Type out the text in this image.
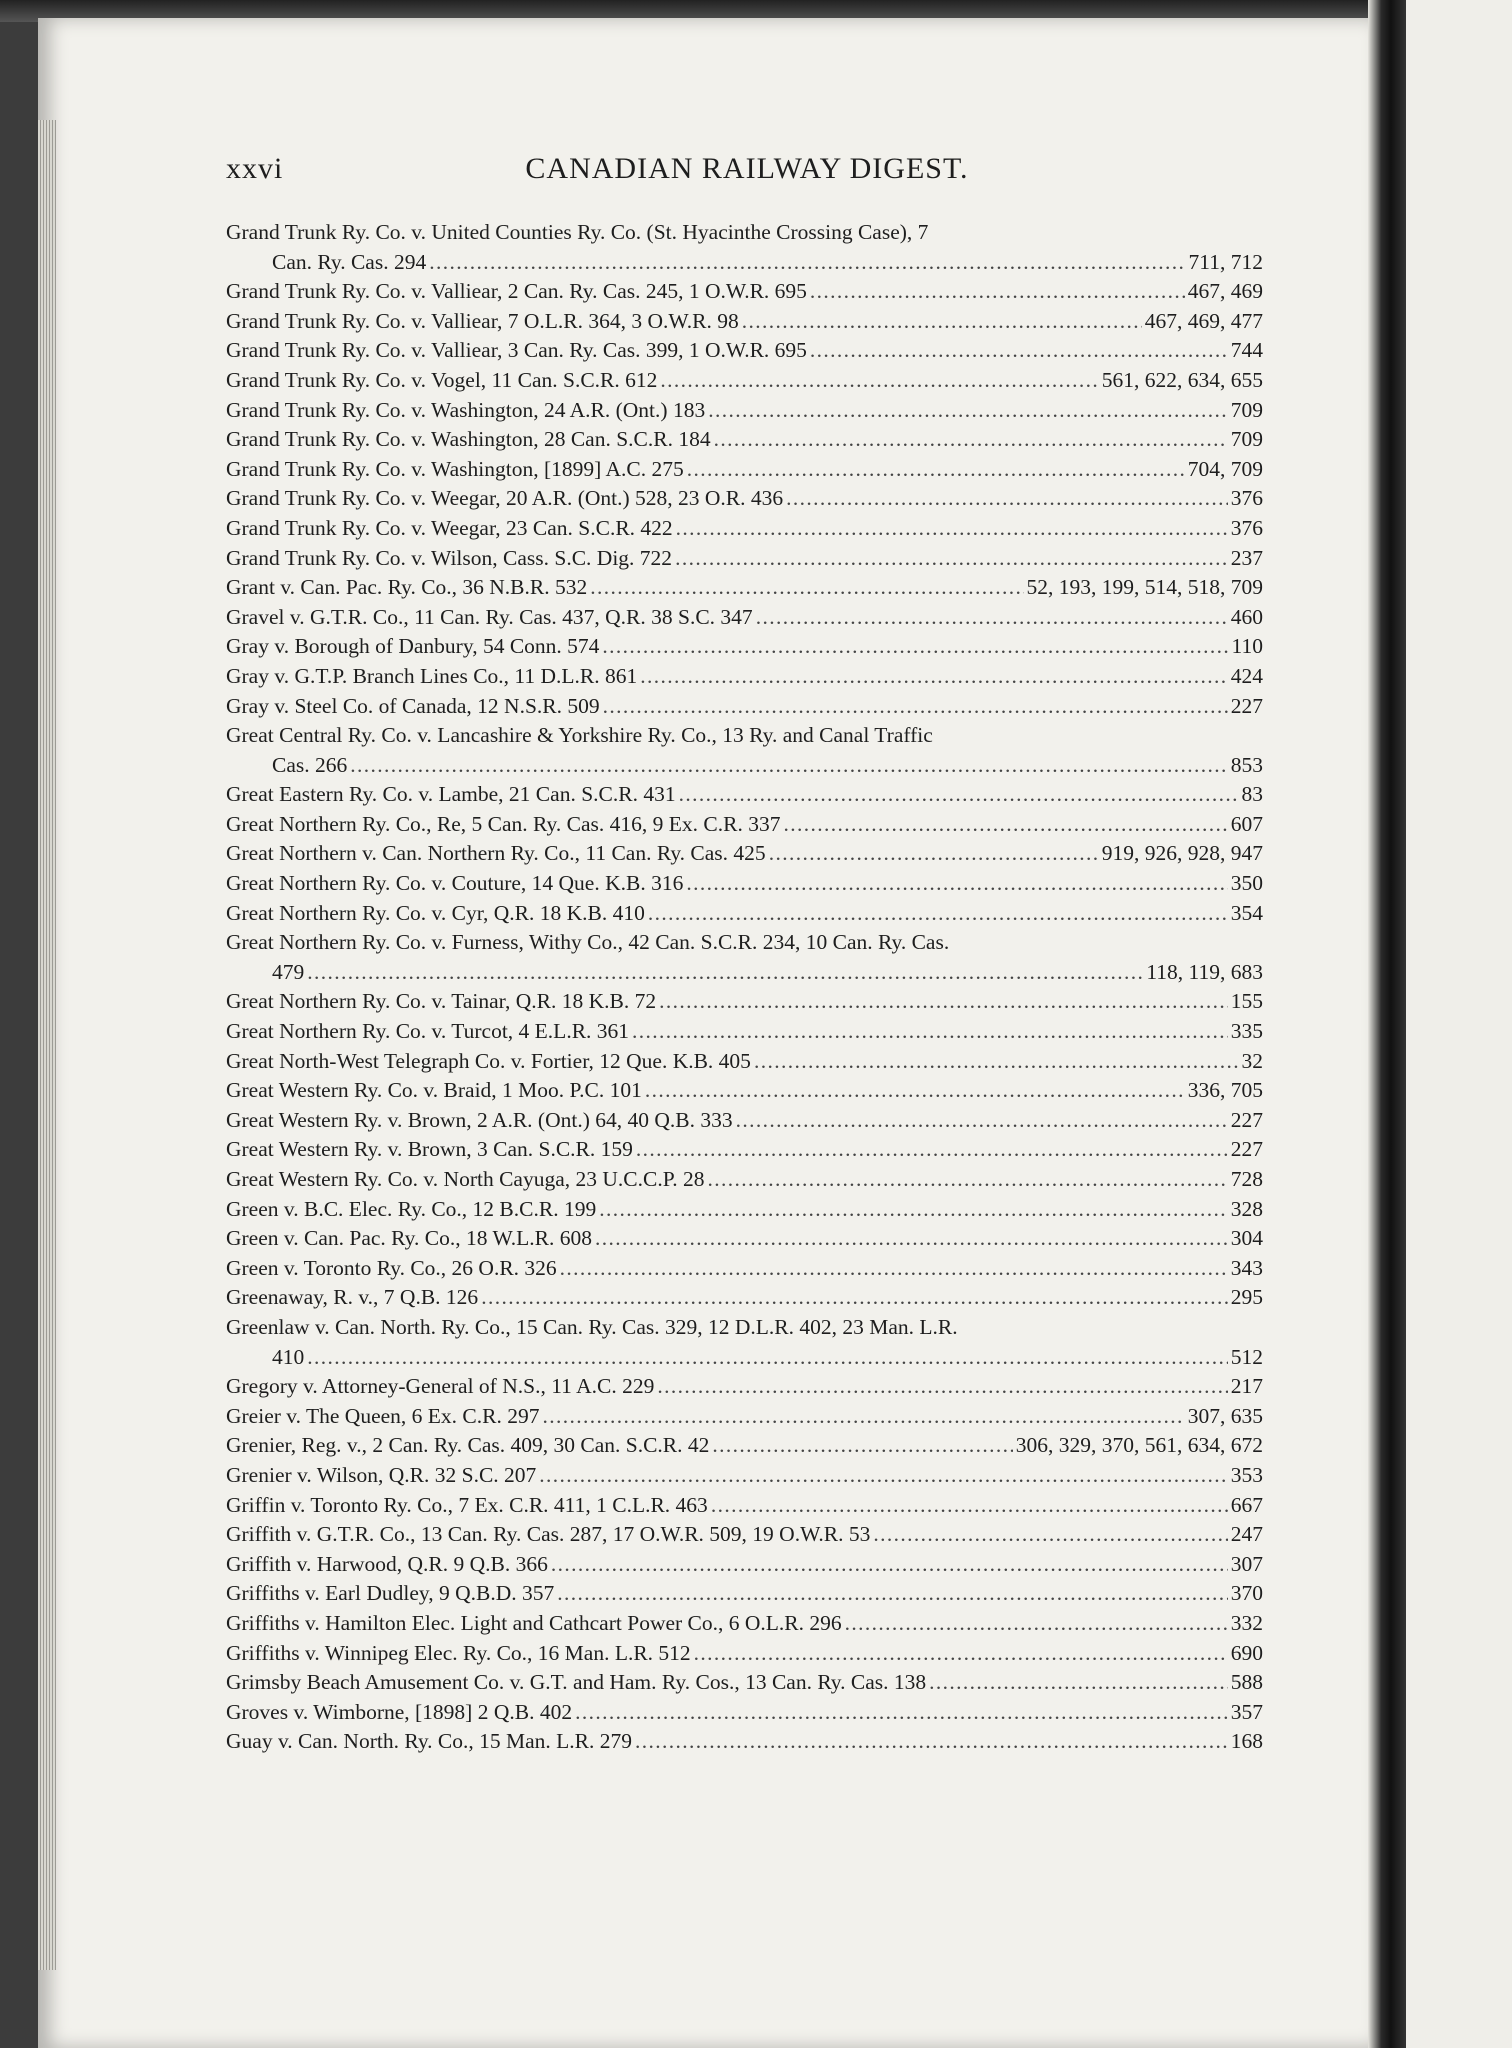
xxvi	CANADIAN RAILWAY DIGEST.
Grand Trunk Ry. Co. v. United Counties Ry. Co. (St. Hyacinthe Crossing Case), 7
Can. Ry. Cas. 294 . . .	711, 712
Grand Trunk Ry. Co. v. Valliear, 2 Can. Ry. Cas. 245, 1 O.W.R. 695 . . .	467, 469
Grand Trunk Ry. Co. v. Valliear, 7 O.L.R. 364, 3 O.W.R. 98 . . .	467, 469, 477
Grand Trunk Ry. Co. v. Valliear, 3 Can. Ry. Cas. 399, 1 O.W.R. 695 . . .	744
Grand Trunk Ry. Co. v. Vogel, 11 Can. S.C.R. 612 . . .	561, 622, 634, 655
Grand Trunk Ry. Co. v. Washington, 24 A.R. (Ont.) 183 . . .	709
Grand Trunk Ry. Co. v. Washington, 28 Can. S.C.R. 184 . . .	709
Grand Trunk Ry. Co. v. Washington, [1899] A.C. 275 . . .	704, 709
Grand Trunk Ry. Co. v. Weegar, 20 A.R. (Ont.) 528, 23 O.R. 436 . . .	376
Grand Trunk Ry. Co. v. Weegar, 23 Can. S.C.R. 422 . . .	376
Grand Trunk Ry. Co. v. Wilson, Cass. S.C. Dig. 722 . . .	237
Grant v. Can. Pac. Ry. Co., 36 N.B.R. 532 . . .	52, 193, 199, 514, 518, 709
Gravel v. G.T.R. Co., 11 Can. Ry. Cas. 437, Q.R. 38 S.C. 347 . . .	460
Gray v. Borough of Danbury, 54 Conn. 574 . . .	110
Gray v. G.T.P. Branch Lines Co., 11 D.L.R. 861 . . .	424
Gray v. Steel Co. of Canada, 12 N.S.R. 509 . . .	227
Great Central Ry. Co. v. Lancashire & Yorkshire Ry. Co., 13 Ry. and Canal Traffic
Cas. 266 . . .	853
Great Eastern Ry. Co. v. Lambe, 21 Can. S.C.R. 431 . . .	83
Great Northern Ry. Co., Re, 5 Can. Ry. Cas. 416, 9 Ex. C.R. 337 . . .	607
Great Northern v. Can. Northern Ry. Co., 11 Can. Ry. Cas. 425 . . .	919, 926, 928, 947
Great Northern Ry. Co. v. Couture, 14 Que. K.B. 316 . . .	350
Great Northern Ry. Co. v. Cyr, Q.R. 18 K.B. 410 . . .	354
Great Northern Ry. Co. v. Furness, Withy Co., 42 Can. S.C.R. 234, 10 Can. Ry. Cas.
479 . . .	118, 119, 683
Great Northern Ry. Co. v. Tainar, Q.R. 18 K.B. 72 . . .	155
Great Northern Ry. Co. v. Turcot, 4 E.L.R. 361 . . .	335
Great North-West Telegraph Co. v. Fortier, 12 Que. K.B. 405 . . .	32
Great Western Ry. Co. v. Braid, 1 Moo. P.C. 101 . . .	336, 705
Great Western Ry. v. Brown, 2 A.R. (Ont.) 64, 40 Q.B. 333 . . .	227
Great Western Ry. v. Brown, 3 Can. S.C.R. 159 . . .	227
Great Western Ry. Co. v. North Cayuga, 23 U.C.C.P. 28 . . .	728
Green v. B.C. Elec. Ry. Co., 12 B.C.R. 199 . . .	328
Green v. Can. Pac. Ry. Co., 18 W.L.R. 608 . . .	304
Green v. Toronto Ry. Co., 26 O.R. 326 . . .	343
Greenaway, R. v., 7 Q.B. 126 . . .	295
Greenlaw v. Can. North. Ry. Co., 15 Can. Ry. Cas. 329, 12 D.L.R. 402, 23 Man. L.R.
410 . . .	512
Gregory v. Attorney-General of N.S., 11 A.C. 229 . . .	217
Greier v. The Queen, 6 Ex. C.R. 297 . . .	307, 635
Grenier, Reg. v., 2 Can. Ry. Cas. 409, 30 Can. S.C.R. 42 . . .	306, 329, 370, 561, 634, 672
Grenier v. Wilson, Q.R. 32 S.C. 207 . . .	353
Griffin v. Toronto Ry. Co., 7 Ex. C.R. 411, 1 C.L.R. 463 . . .	667
Griffith v. G.T.R. Co., 13 Can. Ry. Cas. 287, 17 O.W.R. 509, 19 O.W.R. 53 . . .	247
Griffith v. Harwood, Q.R. 9 Q.B. 366 . . .	307
Griffiths v. Earl Dudley, 9 Q.B.D. 357 . . .	370
Griffiths v. Hamilton Elec. Light and Cathcart Power Co., 6 O.L.R. 296 . . .	332
Griffiths v. Winnipeg Elec. Ry. Co., 16 Man. L.R. 512 . . .	690
Grimsby Beach Amusement Co. v. G.T. and Ham. Ry. Cos., 13 Can. Ry. Cas. 138 . . .	588
Groves v. Wimborne, [1898] 2 Q.B. 402 . . .	357
Guay v. Can. North. Ry. Co., 15 Man. L.R. 279 . . .	168
